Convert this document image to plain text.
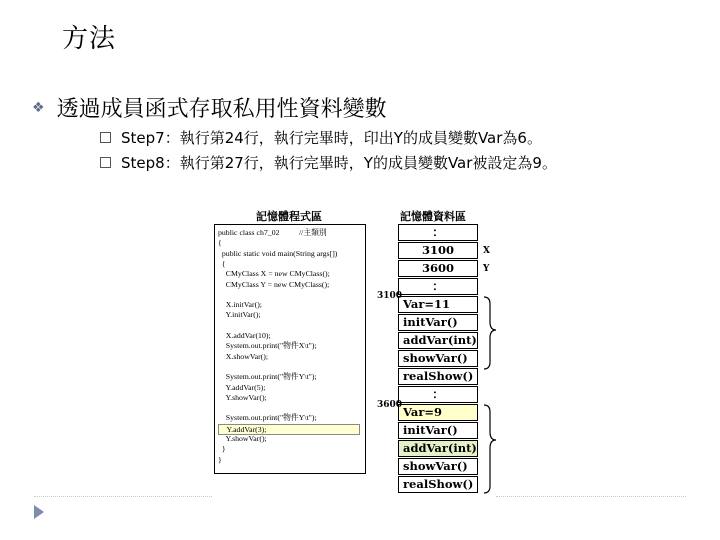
方法
❖ 透過成員函式存取私用性資料變數
Step7：執行第24行，執行完畢時，印出Y的成員變數Var為6。
Step8：執行第27行，執行完畢時，Y的成員變數Var被設定為9。
記憶體程式區	記憶體資料區
public class ch7_02          //主類別
{
public static void main(String args[])
{
CMyClass X = new CMyClass();
CMyClass Y = new CMyClass();
X.initVar();
Y.initVar();
X.addVar(10);
System.out.print("物件X\t");
X.showVar();
System.out.print("物件Y\t");
Y.addVar(5);
Y.showVar();
System.out.print("物件Y\t");
Y.addVar(3);
Y.showVar();
}
}
：
3100
3600
：
Var=11
initVar()
addVar(int)
showVar()
realShow()
：
Var=9
initVar()
addVar(int)
showVar()
realShow()
X
Y
3100
3600
